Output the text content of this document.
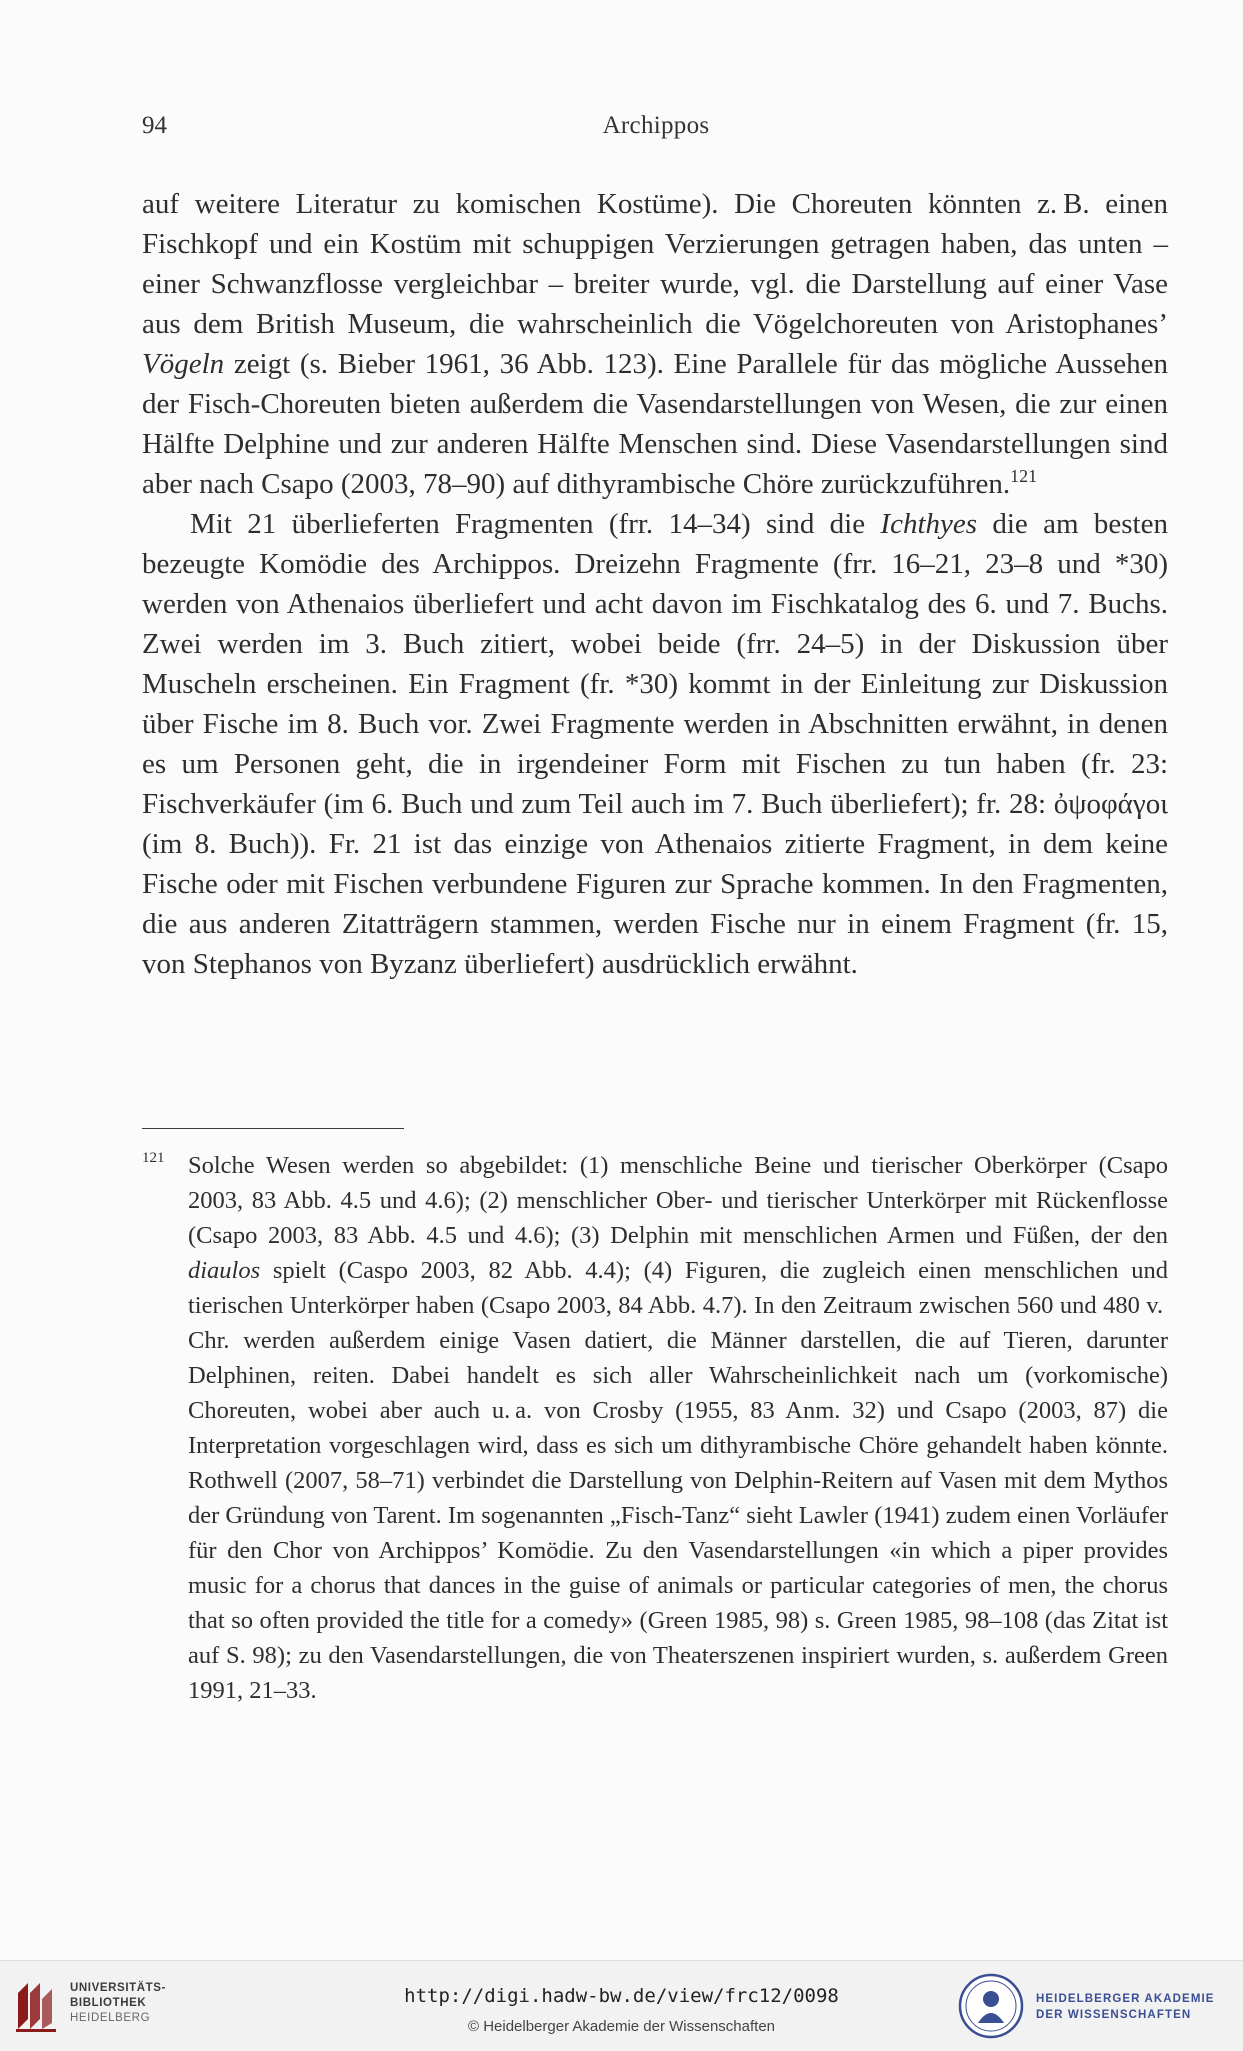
94	Archippos

auf weitere Literatur zu komischen Kostüme). Die Choreuten könnten z. B. einen Fischkopf und ein Kostüm mit schuppigen Verzierungen getragen haben, das unten – einer Schwanzflosse vergleichbar – breiter wurde, vgl. die Darstellung auf einer Vase aus dem British Museum, die wahrscheinlich die Vögelchoreuten von Aristophanes’ Vögeln zeigt (s. Bieber 1961, 36 Abb. 123). Eine Parallele für das mögliche Aussehen der Fisch-Choreuten bieten außerdem die Vasendarstellungen von Wesen, die zur einen Hälfte Delphine und zur anderen Hälfte Menschen sind. Diese Vasendarstellungen sind aber nach Csapo (2003, 78–90) auf dithyrambische Chöre zurückzuführen.$^{121}$

Mit 21 überlieferten Fragmenten (frr. 14–34) sind die Ichthyes die am besten bezeugte Komödie des Archippos. Dreizehn Fragmente (frr. 16–21, 23–8 und *30) werden von Athenaios überliefert und acht davon im Fischkatalog des 6. und 7. Buchs. Zwei werden im 3. Buch zitiert, wobei beide (frr. 24–5) in der Diskussion über Muscheln erscheinen. Ein Fragment (fr. *30) kommt in der Einleitung zur Diskussion über Fische im 8. Buch vor. Zwei Fragmente werden in Abschnitten erwähnt, in denen es um Personen geht, die in irgendeiner Form mit Fischen zu tun haben (fr. 23: Fischverkäufer (im 6. Buch und zum Teil auch im 7. Buch überliefert); fr. 28: ὀψοφάγοι (im 8. Buch)). Fr. 21 ist das einzige von Athenaios zitierte Fragment, in dem keine Fische oder mit Fischen verbundene Figuren zur Sprache kommen. In den Fragmenten, die aus anderen Zitatträgern stammen, werden Fische nur in einem Fragment (fr. 15, von Stephanos von Byzanz überliefert) ausdrücklich erwähnt.

121 Solche Wesen werden so abgebildet: (1) menschliche Beine und tierischer Oberkörper (Csapo 2003, 83 Abb. 4.5 und 4.6); (2) menschlicher Ober- und tierischer Unterkörper mit Rückenflosse (Csapo 2003, 83 Abb. 4.5 und 4.6); (3) Delphin mit menschlichen Armen und Füßen, der den diaulos spielt (Caspo 2003, 82 Abb. 4.4); (4) Figuren, die zugleich einen menschlichen und tierischen Unterkörper haben (Csapo 2003, 84 Abb. 4.7). In den Zeitraum zwischen 560 und 480 v. Chr. werden außerdem einige Vasen datiert, die Männer darstellen, die auf Tieren, darunter Delphinen, reiten. Dabei handelt es sich aller Wahrscheinlichkeit nach um (vorkomische) Choreuten, wobei aber auch u. a. von Crosby (1955, 83 Anm. 32) und Csapo (2003, 87) die Interpretation vorgeschlagen wird, dass es sich um dithyrambische Chöre gehandelt haben könnte. Rothwell (2007, 58–71) verbindet die Darstellung von Delphin-Reitern auf Vasen mit dem Mythos der Gründung von Tarent. Im sogenannten „Fisch-Tanz“ sieht Lawler (1941) zudem einen Vorläufer für den Chor von Archippos’ Komödie. Zu den Vasendarstellungen «in which a piper provides music for a chorus that dances in the guise of animals or particular categories of men, the chorus that so often provided the title for a comedy» (Green 1985, 98) s. Green 1985, 98–108 (das Zitat ist auf S. 98); zu den Vasendarstellungen, die von Theaterszenen inspiriert wurden, s. außerdem Green 1991, 21–33.
UNIVERSITÄTS-
BIBLIOTHEK
HEIDELBERG
http://digi.hadw-bw.de/view/frc12/0098
© Heidelberger Akademie der Wissenschaften
HEIDELBERGER AKADEMIE
DER WISSENSCHAFTEN
